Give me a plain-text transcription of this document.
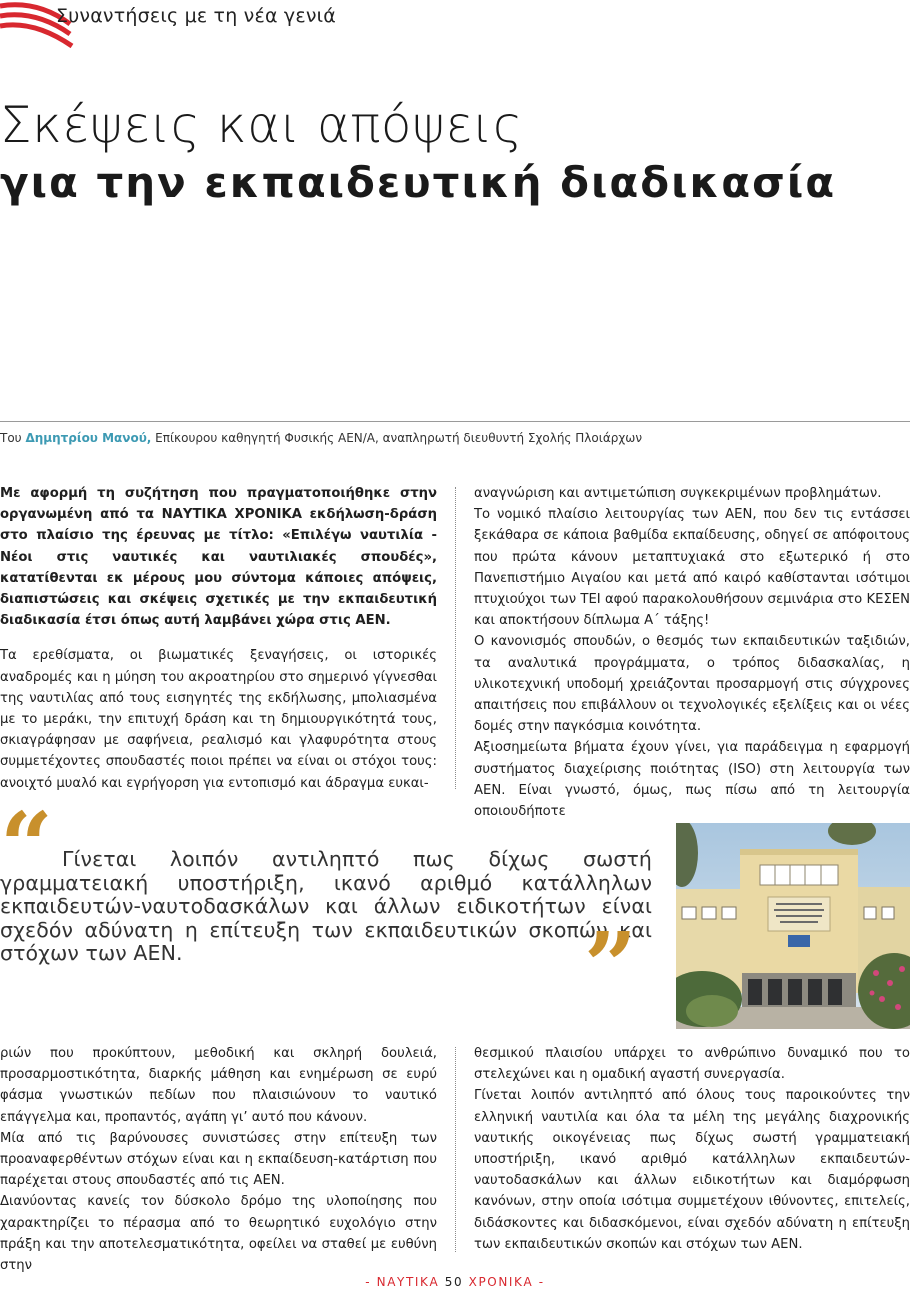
Συναντήσεις με τη νέα γενιά
Σκέψεις και απόψεις
για την εκπαιδευτική διαδικασία
Του Δημητρίου Μανού, Επίκουρου καθηγητή Φυσικής ΑΕΝ/Α, αναπληρωτή διευθυντή Σχολής Πλοιάρχων

Με αφορμή τη συζήτηση που πραγματοποιήθηκε στην οργανωμένη από τα ΝΑΥΤΙΚΑ ΧΡΟΝΙΚΑ εκδήλωση-δράση στο πλαίσιο της έρευνας με τίτλο: «Επιλέγω ναυτιλία - Νέοι στις ναυτικές και ναυτιλιακές σπουδές», κατατίθενται εκ μέρους μου σύντομα κάποιες απόψεις, διαπιστώσεις και σκέψεις σχετικές με την εκπαιδευτική διαδικασία έτσι όπως αυτή λαμβάνει χώρα στις ΑΕΝ.

Τα ερεθίσματα, οι βιωματικές ξεναγήσεις, οι ιστορικές αναδρομές και η μύηση του ακροατηρίου στο σημερινό γίγνεσθαι της ναυτιλίας από τους εισηγητές της εκδήλωσης, μπολιασμένα με το μεράκι, την επιτυχή δράση και τη δημιουργικότητά τους, σκιαγράφησαν με σαφήνεια, ρεαλισμό και γλαφυρότητα στους συμμετέχοντες σπουδαστές ποιοι πρέπει να είναι οι στόχοι τους: ανοιχτό μυαλό και εγρήγορση για εντοπισμό και άδραγμα ευκαι-

αναγνώριση και αντιμετώπιση συγκεκριμένων προβλημάτων.

Το νομικό πλαίσιο λειτουργίας των ΑΕΝ, που δεν τις εντάσσει ξεκάθαρα σε κάποια βαθμίδα εκπαίδευσης, οδηγεί σε απόφοιτους που πρώτα κάνουν μεταπτυχιακά στο εξωτερικό ή στο Πανεπιστήμιο Αιγαίου και μετά από καιρό καθίστανται ισότιμοι πτυχιούχοι των ΤΕΙ αφού παρακολουθήσουν σεμινάρια στο ΚΕΣΕΝ και αποκτήσουν δίπλωμα Α΄ τάξης!

Ο κανονισμός σπουδών, ο θεσμός των εκπαιδευτικών ταξιδιών, τα αναλυτικά προγράμματα, ο τρόπος διδασκαλίας, η υλικοτεχνική υποδομή χρειάζονται προσαρμογή στις σύγχρονες απαιτήσεις που επιβάλλουν οι τεχνολογικές εξελίξεις και οι νέες δομές στην παγκόσμια κοινότητα.

Αξιοσημείωτα βήματα έχουν γίνει, για παράδειγμα η εφαρμογή συστήματος διαχείρισης ποιότητας (ISO) στη λειτουργία των ΑΕΝ. Είναι γνωστό, όμως, πως πίσω από τη λειτουργία οποιουδήποτε

“ Γίνεται λοιπόν αντιληπτό πως δίχως σωστή γραμματειακή υποστήριξη, ικανό αριθμό κατάλληλων εκπαιδευτών-ναυτοδασκάλων και άλλων ειδικοτήτων είναι σχεδόν αδύνατη η επίτευξη των εκπαιδευτικών σκοπών και στόχων των ΑΕΝ.	”

ριών που προκύπτουν, μεθοδική και σκληρή δουλειά, προσαρμοστικότητα, διαρκής μάθηση και ενημέρωση σε ευρύ φάσμα γνωστικών πεδίων που πλαισιώνουν το ναυτικό επάγγελμα και, προπαντός, αγάπη γι’ αυτό που κάνουν.

Μία από τις βαρύνουσες συνιστώσες στην επίτευξη των προαναφερθέντων στόχων είναι και η εκπαίδευση-κατάρτιση που παρέχεται στους σπουδαστές από τις ΑΕΝ.

Διανύοντας κανείς τον δύσκολο δρόμο της υλοποίησης που χαρακτηρίζει το πέρασμα από το θεωρητικό ευχολόγιο στην πράξη και την αποτελεσματικότητα, οφείλει να σταθεί με ευθύνη στην

θεσμικού πλαισίου υπάρχει το ανθρώπινο δυναμικό που το στελεχώνει και η ομαδική αγαστή συνεργασία.

Γίνεται λοιπόν αντιληπτό από όλους τους παροικούντες την ελληνική ναυτιλία και όλα τα μέλη της μεγάλης διαχρονικής ναυτικής οικογένειας πως δίχως σωστή γραμματειακή υποστήριξη, ικανό αριθμό κατάλληλων εκπαιδευτών-ναυτοδασκάλων και άλλων ειδικοτήτων και διαμόρφωση κανόνων, στην οποία ισότιμα συμμετέχουν ιθύνοντες, επιτελείς, διδάσκοντες και διδασκόμενοι, είναι σχεδόν αδύνατη η επίτευξη των εκπαιδευτικών σκοπών και στόχων των ΑΕΝ.

- ΝΑΥΤΙΚΑ 50 ΧΡΟΝΙΚΑ -
